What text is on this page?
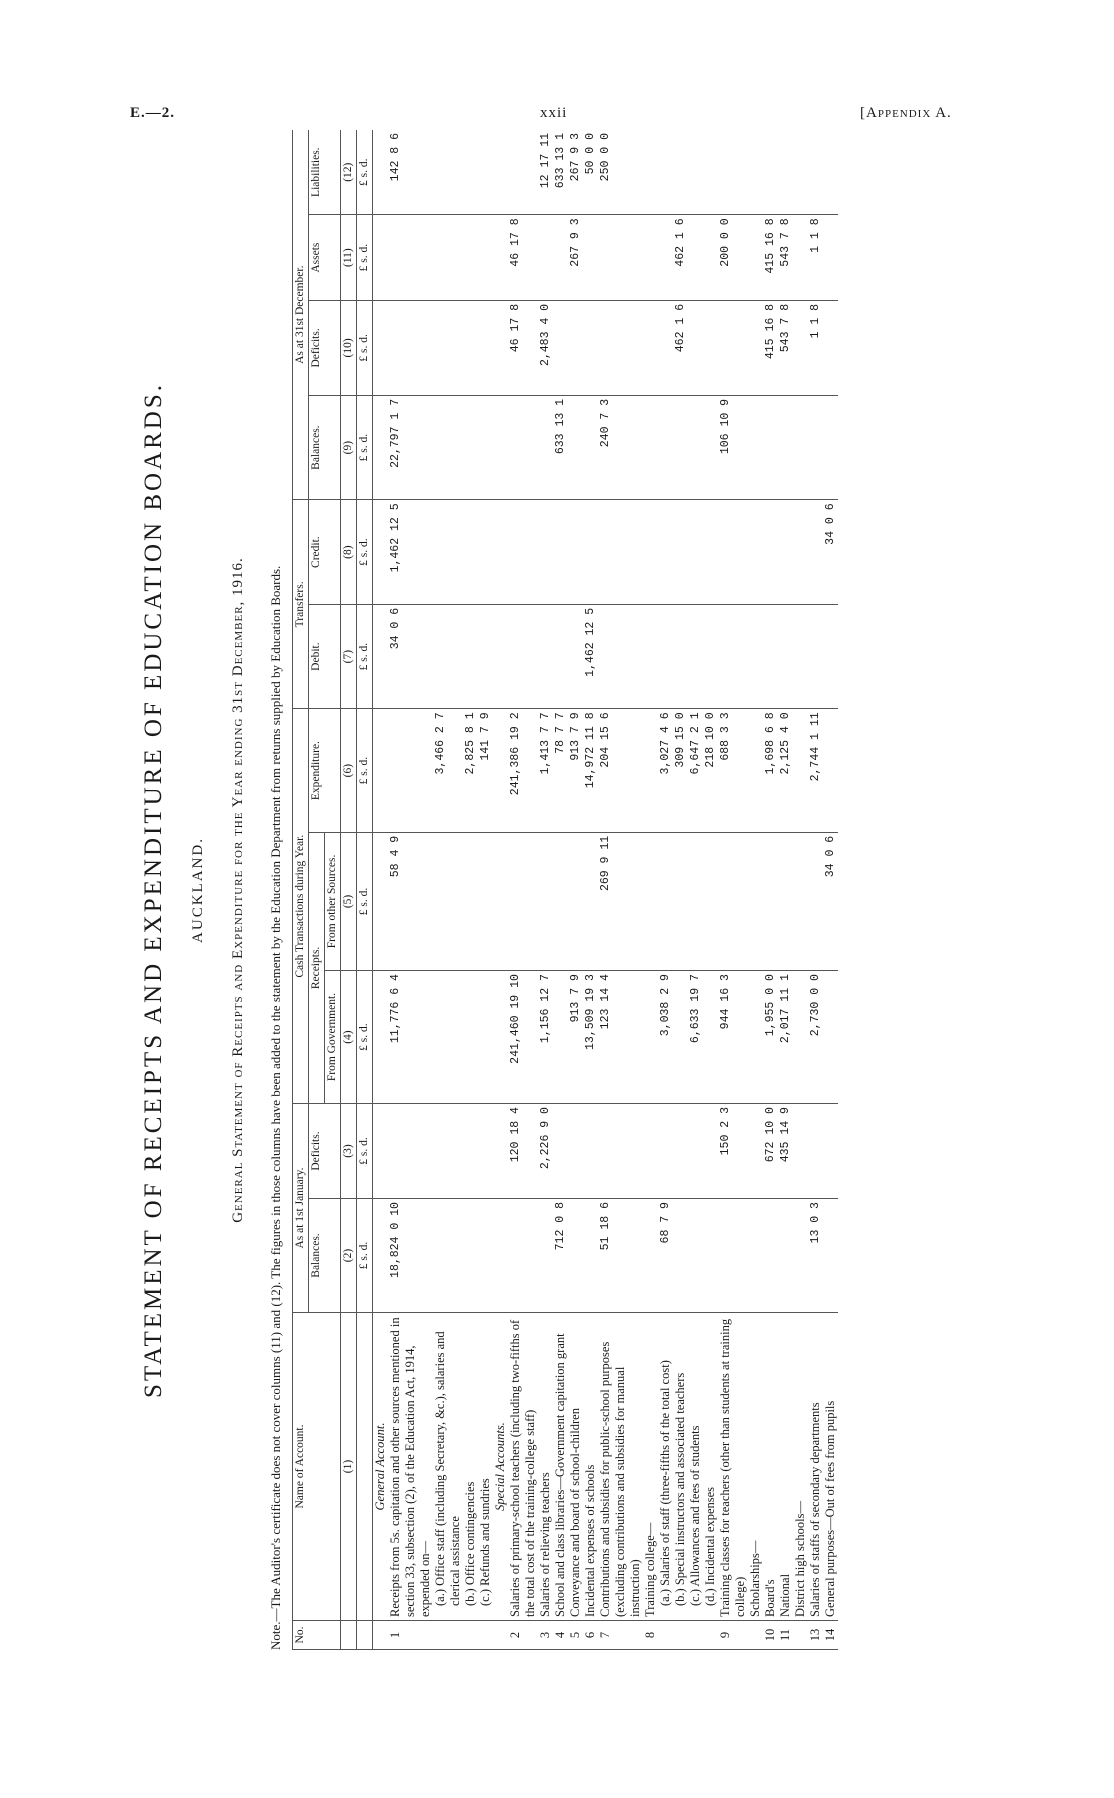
E.—2.	xxii	[Appendix A.
STATEMENT OF RECEIPTS AND EXPENDITURE OF EDUCATION BOARDS. AUCKLAND. General Statement of Receipts and Expenditure for the Year ending 31st December, 1916. Note.—The Auditor's certificate does not cover columns (11) and (12). The figures in those columns have been added to the statement by the Education Department from returns supplied by Education Boards. No.	Name of Account.	As at 1st January.		Cash Transactions during Year.			Transfers.		As at 31st December.			
		Balances.	Deficits.	Receipts.		Expenditure.	Debit.	Credit.	Balances.	Deficits.	Assets	Liabilities.
				From Government.	From other Sources.							
	(1)	(2)	(3)	(4)	(5)	(6)	(7)	(8)	(9)	(10)	(11)	(12)
		£ s. d.	£ s. d.	£ s. d.	£ s. d.	£ s. d.	£ s. d.	£ s. d.	£ s. d.	£ s. d.	£ s. d.	£ s. d.
	General Account.											
1	Receipts from 5s. capitation and other sources mentioned in section 33, subsection (2), of the Education Act, 1914, expended on—	18,824 0 10		11,776 6 4	58 4 9		34 0 6	1,462 12 5	22,797 1 7			142 8 6
	(a.) Office staff (including Secretary, &c.), salaries and clerical assistance					3,466 2 7						
	(b.) Office contingencies					2,825 8 1						
	(c.) Refunds and sundries					141 7 9						
	Special Accounts.											
2	Salaries of primary-school teachers (including two-fifths of the total cost of the training-college staff)		120 18 4	241,460 19 10		241,386 19 2				46 17 8	46 17 8	
3	Salaries of relieving teachers		2,226 9 0	1,156 12 7		1,413 7 7				2,483 4 0		12 17 11
4	School and class libraries—Government capitation grant	712 0 8				78 7 7			633 13 1			633 13 1
5	Conveyance and board of school-children			913 7 9		913 7 9					267 9 3	267 9 3
6	Incidental expenses of schools			13,509 19 3		14,972 11 8	1,462 12 5					50 0 0
7	Contributions and subsidies for public-school purposes (excluding contributions and subsidies for manual instruction)	51 18 6		123 14 4	269 9 11	204 15 6			240 7 3			250 0 0
8	Training college—											
	(a.) Salaries of staff (three-fifths of the total cost)	68 7 9		3,038 2 9		3,027 4 6						
	(b.) Special instructors and associated teachers					309 15 0				462 1 6	462 1 6	
	(c.) Allowances and fees of students			6,633 19 7		6,647 2 1						
	(d.) Incidental expenses					218 10 0						
9	Training classes for teachers (other than students at training college)		150 2 3	944 16 3		688 3 3			106 10 9		200 0 0	
	Scholarships—											
10	Board's		672 10 0	1,955 0 0		1,698 6 8				415 16 8	415 16 8	
11	National		435 14 9	2,017 11 1		2,125 4 0				543 7 8	543 7 8	
	District high schools—											
13	Salaries of staffs of secondary departments	13 0 3		2,730 0 0		2,744 1 11				1 1 8	1 1 8	
14	General purposes—Out of fees from pupils				34 0 6			34 0 6				
